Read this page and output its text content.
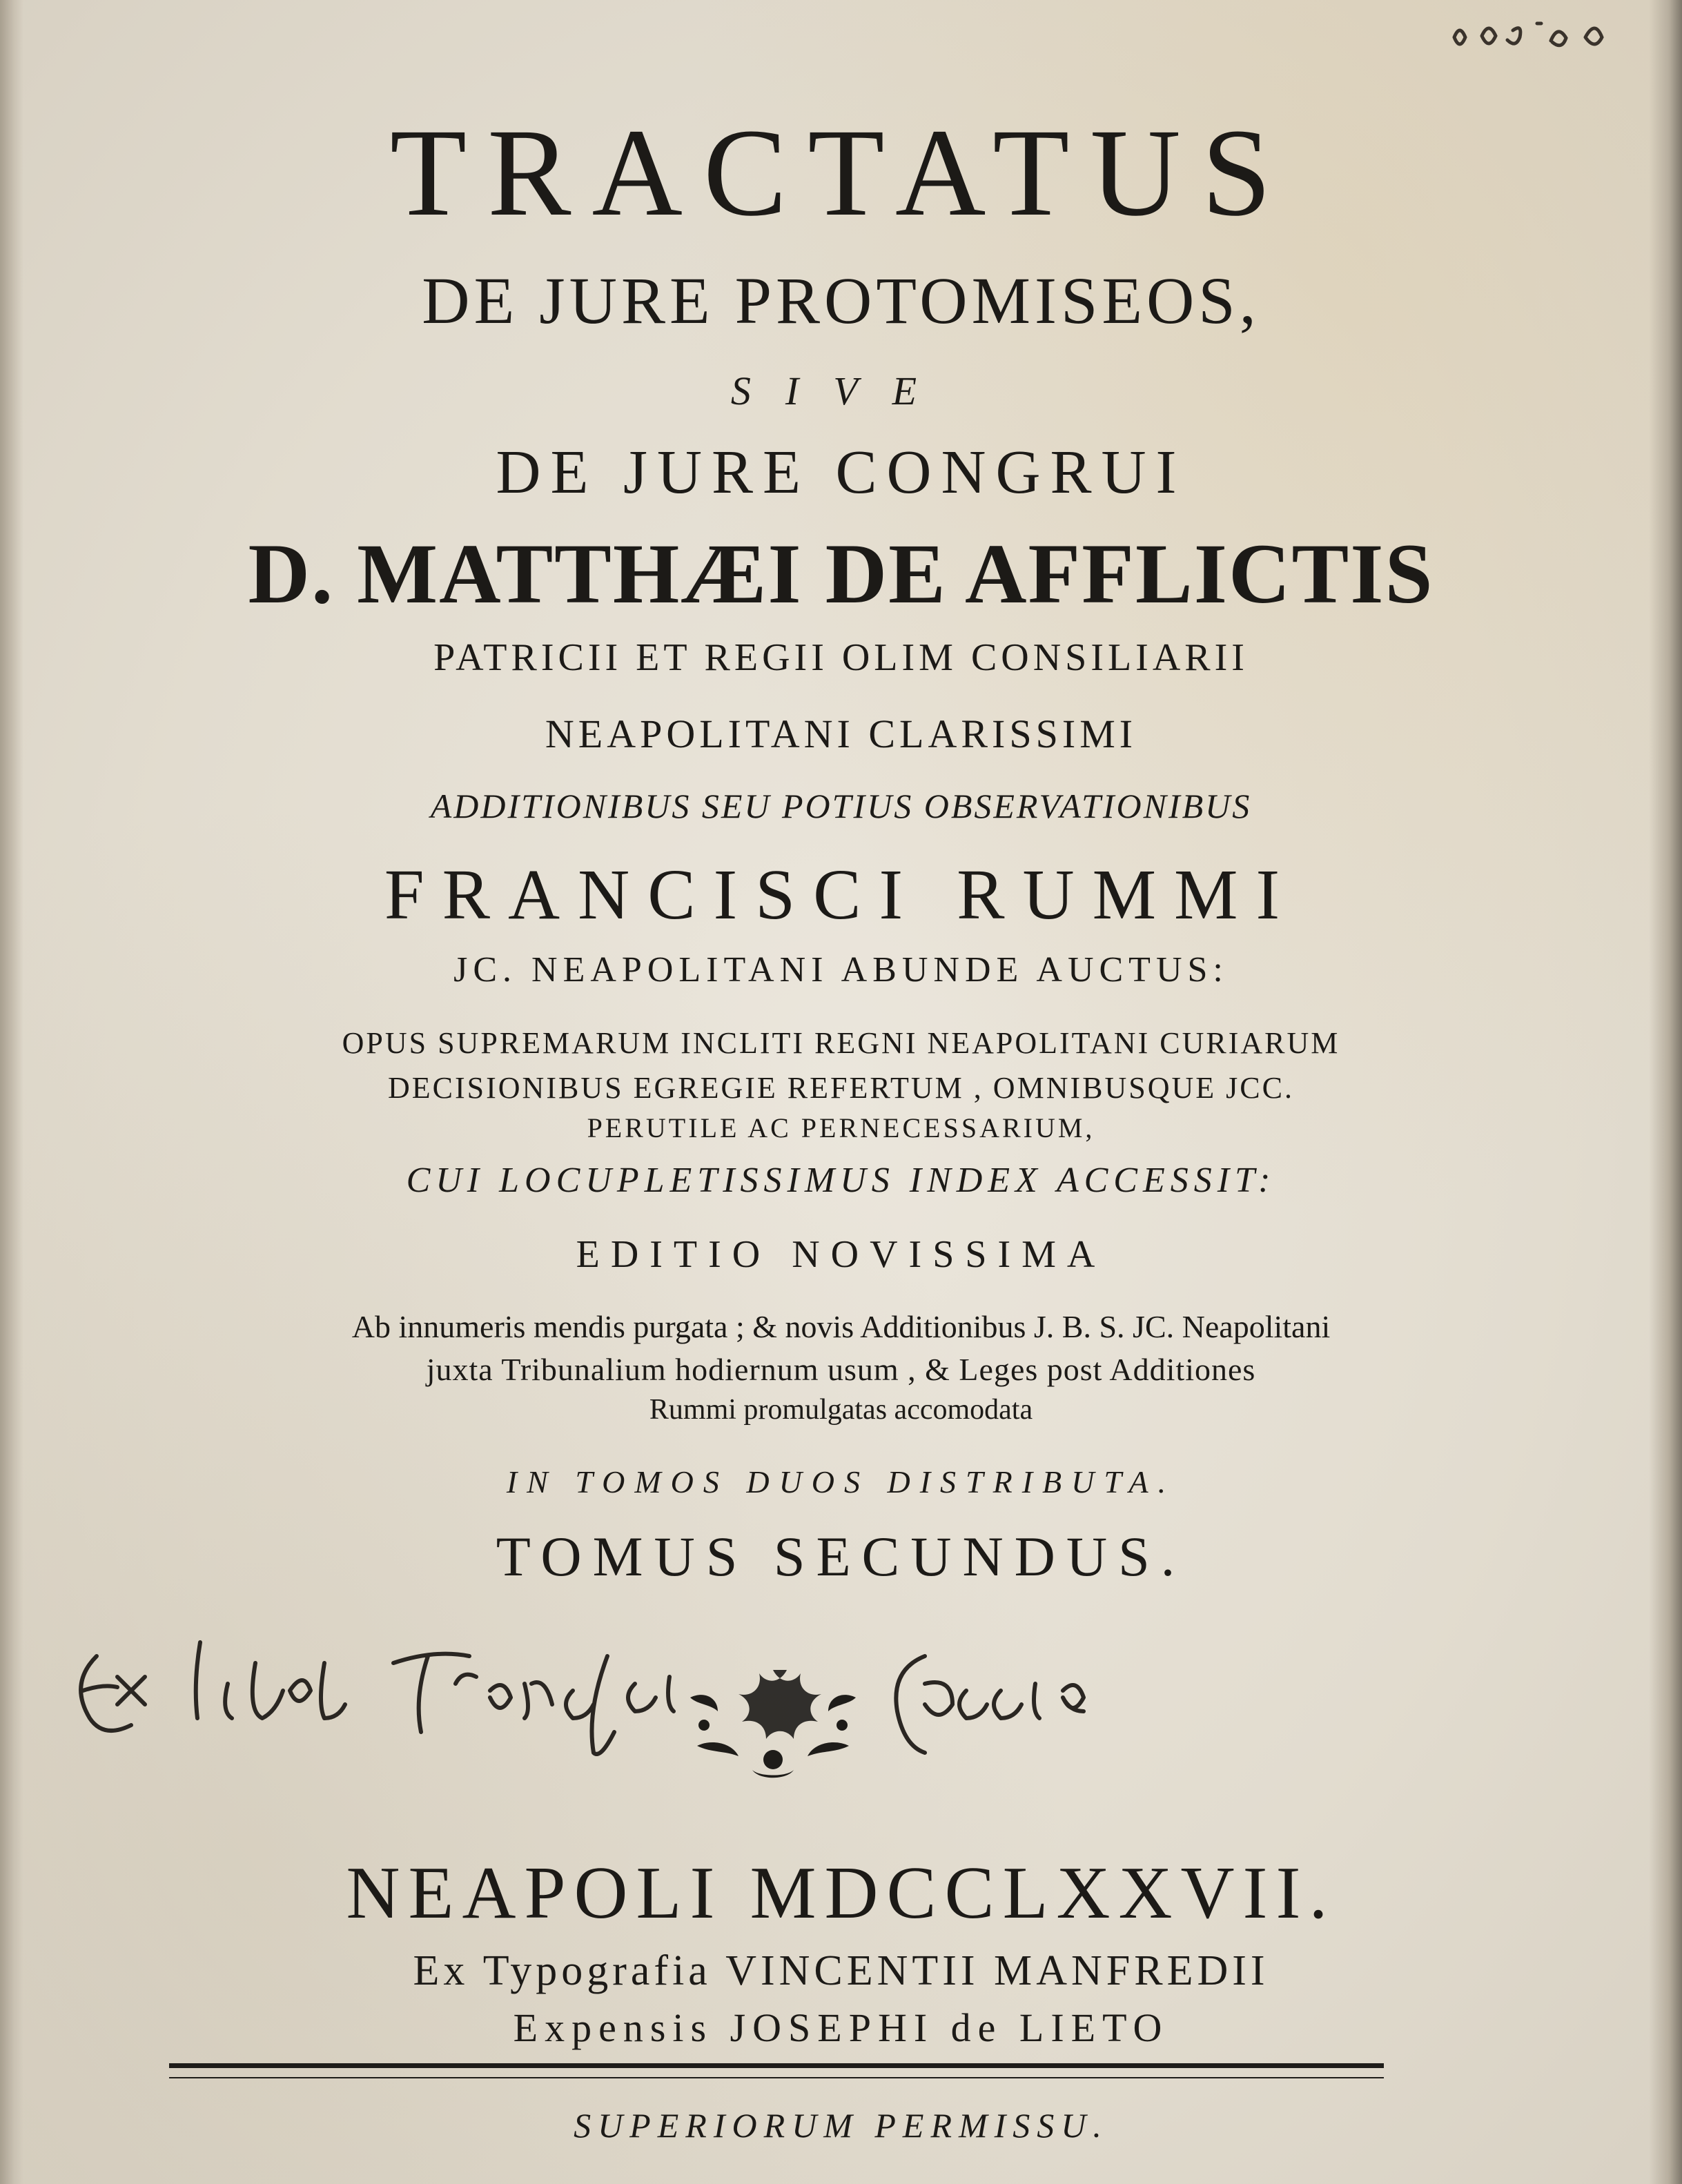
TRACTATUS
DE JURE PROTOMISEOS,
SIVE
DE JURE CONGRUI
D. MATTHÆI DE AFFLICTIS
PATRICII ET REGII OLIM CONSILIARII
NEAPOLITANI CLARISSIMI
ADDITIONIBUS SEU POTIUS OBSERVATIONIBUS
FRANCISCI RUMMI
JC. NEAPOLITANI ABUNDE AUCTUS:
OPUS SUPREMARUM INCLITI REGNI NEAPOLITANI CURIARUM
DECISIONIBUS EGREGIE REFERTUM , OMNIBUSQUE JCC.
PERUTILE AC PERNECESSARIUM,
CUI LOCUPLETISSIMUS INDEX ACCESSIT:
EDITIO NOVISSIMA
Ab innumeris mendis purgata ; & novis Additionibus J. B. S. JC. Neapolitani
juxta Tribunalium hodiernum usum , & Leges post Additiones
Rummi promulgatas accomodata
IN TOMOS DUOS DISTRIBUTA.
TOMUS SECUNDUS.
NEAPOLI MDCCLXXVII.
Ex Typografia VINCENTII MANFREDII
Expensis JOSEPHI de LIETO
SUPERIORUM PERMISSU.
